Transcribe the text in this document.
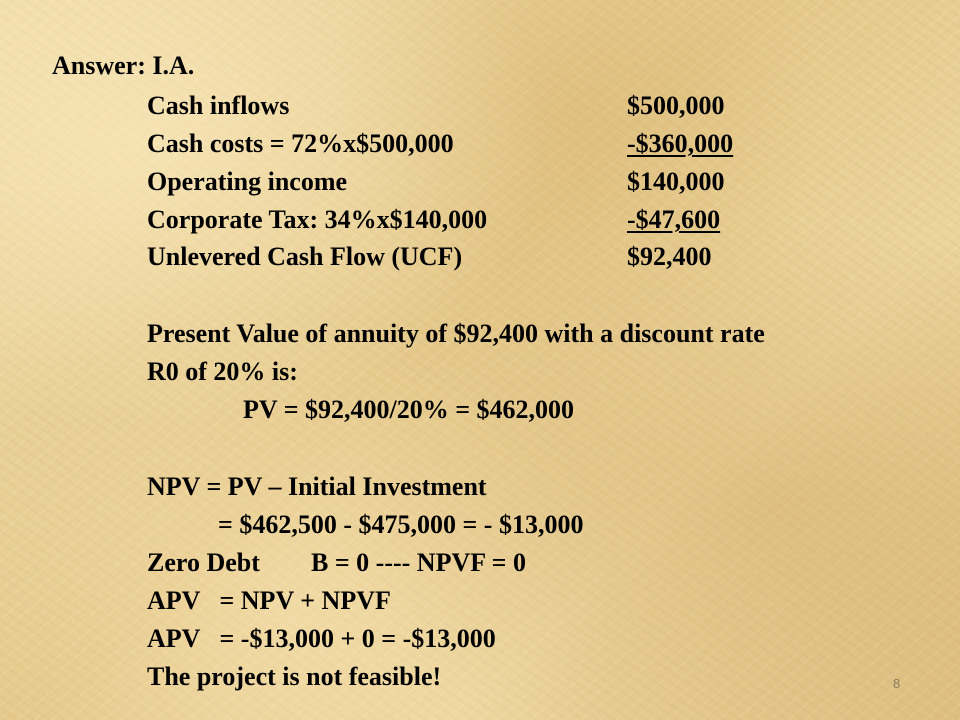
Answer: I.A.
Cash inflows	$500,000
Cash costs = 72%x$500,000	-$360,000
Operating income	$140,000
Corporate Tax: 34%x$140,000	-$47,600
Unlevered Cash Flow (UCF)	$92,400
Present Value of annuity of $92,400 with a discount rate
R0 of 20% is:
PV = $92,400/20% = $462,000
NPV = PV – Initial Investment
= $462,500 - $475,000 = - $13,000
Zero Debt B = 0 ---- NPVF = 0
APV   = NPV + NPVF
APV   = -$13,000 + 0 = -$13,000
The project is not feasible!	8
